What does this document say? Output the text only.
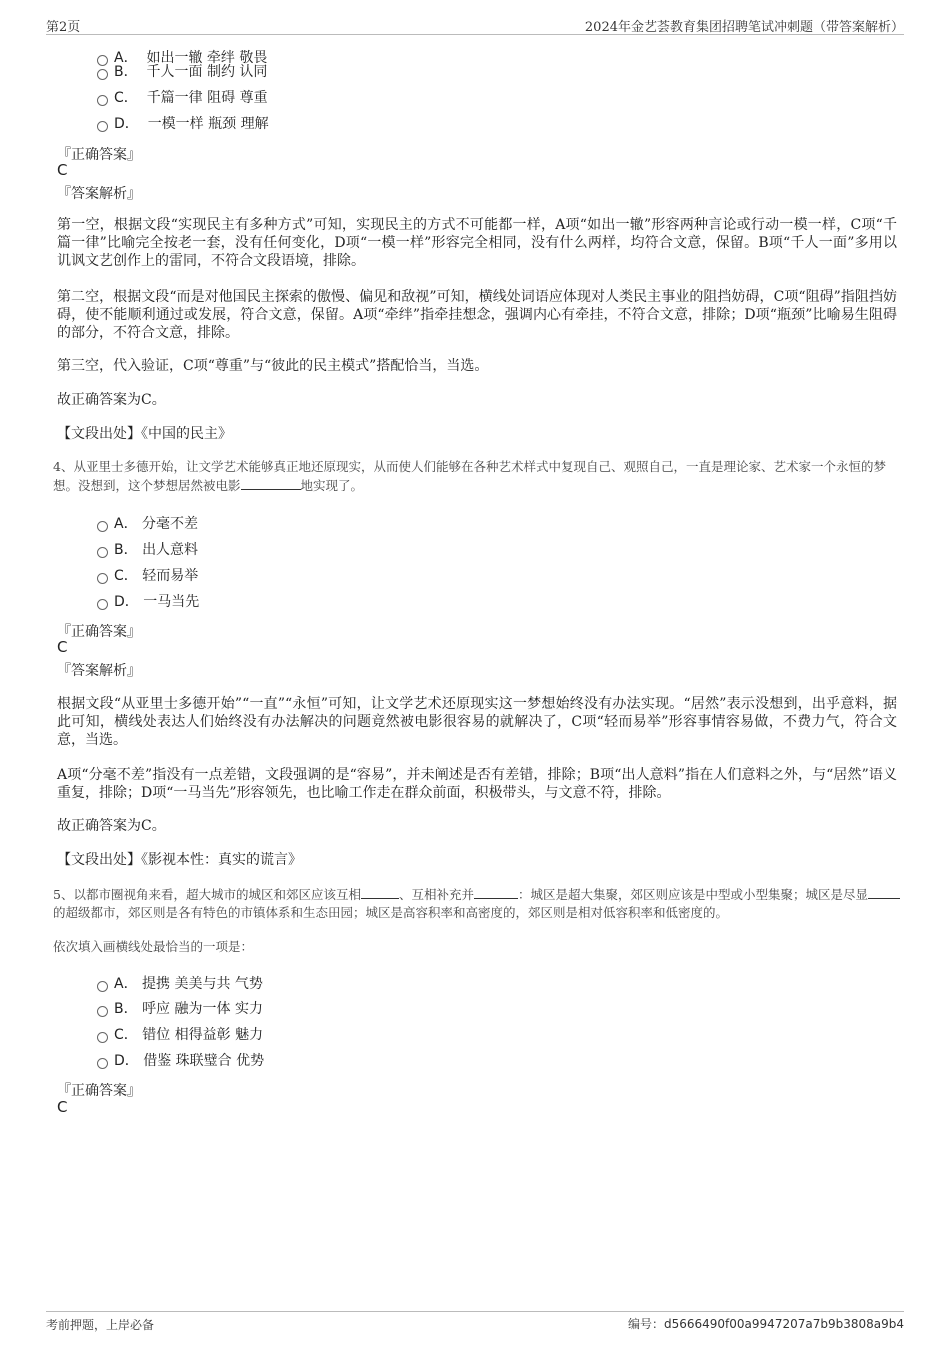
第2页	2024年金艺荟教育集团招聘笔试冲刺题（带答案解析）
A． 如出一辙 牵绊 敬畏
B． 千人一面 制约 认同
C． 千篇一律 阻碍 尊重
D． 一模一样 瓶颈 理解
『正确答案』
C
『答案解析』
第一空，根据文段“实现民主有多种方式”可知，实现民主的方式不可能都一样，A项“如出一辙”形容两种言论或行动一模一样，C项“千篇一律”比喻完全按老一套，没有任何变化，D项“一模一样”形容完全相同，没有什么两样，均符合文意，保留。B项“千人一面”多用以讥讽文艺创作上的雷同，不符合文段语境，排除。
第二空，根据文段“而是对他国民主探索的傲慢、偏见和敌视”可知，横线处词语应体现对人类民主事业的阻挡妨碍，C项“阻碍”指阻挡妨碍，使不能顺利通过或发展，符合文意，保留。A项“牵绊”指牵挂想念，强调内心有牵挂，不符合文意，排除；D项“瓶颈”比喻易生阻碍的部分，不符合文意，排除。
第三空，代入验证，C项“尊重”与“彼此的民主模式”搭配恰当，当选。
故正确答案为C。
【文段出处】《中国的民主》
4、从亚里士多德开始，让文学艺术能够真正地还原现实，从而使人们能够在各种艺术样式中复现自己、观照自己，一直是理论家、艺术家一个永恒的梦想。没想到，这个梦想居然被电影	地实现了。
A． 分毫不差
B． 出人意料
C． 轻而易举
D． 一马当先
『正确答案』
C
『答案解析』
根据文段“从亚里士多德开始”“一直”“永恒”可知，让文学艺术还原现实这一梦想始终没有办法实现。“居然”表示没想到，出乎意料，据此可知，横线处表达人们始终没有办法解决的问题竟然被电影很容易的就解决了，C项“轻而易举”形容事情容易做，不费力气，符合文意，当选。
A项“分毫不差”指没有一点差错，文段强调的是“容易”，并未阐述是否有差错，排除；B项“出人意料”指在人们意料之外，与“居然”语义重复，排除；D项“一马当先”形容领先，也比喻工作走在群众前面，积极带头，与文意不符，排除。
故正确答案为C。
【文段出处】《影视本性：真实的谎言》
5、以都市圈视角来看，超大城市的城区和郊区应该互相	、互相补充并	：城区是超大集聚，郊区则应该是中型或小型集聚；城区是尽显的超级都市，郊区则是各有特色的市镇体系和生态田园；城区是高容积率和高密度的，郊区则是相对低容积率和低密度的。
依次填入画横线处最恰当的一项是：
A． 提携 美美与共 气势
B． 呼应 融为一体 实力
C． 错位 相得益彰 魅力
D． 借鉴 珠联璧合 优势
『正确答案』
C
考前押题，上岸必备	编号：d5666490f00a9947207a7b9b3808a9b4
